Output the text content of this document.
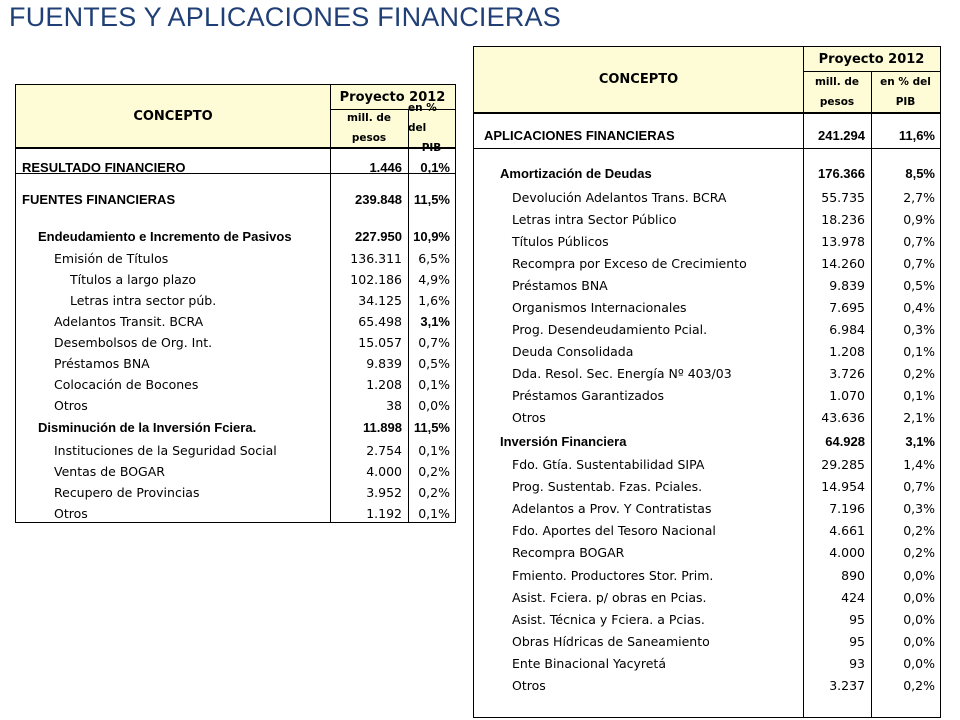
FUENTES Y APLICACIONES FINANCIERAS
CONCEPTO
Proyecto 2012
mill. de
pesos
en % del
PIB
RESULTADO FINANCIERO	1.446	0,1%
FUENTES FINANCIERAS	239.848 11,5%
Endeudamiento e Incremento de Pasivos	227.950 10,9%
Emisión de Títulos	136.311	6,5%
Títulos a largo plazo	102.186	4,9%
Letras intra sector púb.	34.125	1,6%
Adelantos Transit. BCRA	65.498	3,1%
Desembolsos de Org. Int.	15.057	0,7%
Préstamos BNA	9.839	0,5%
Colocación de Bocones	1.208	0,1%
Otros	38	0,0%
Disminución de la Inversión Fciera.	11.898 11,5%
Instituciones de la Seguridad Social	2.754	0,1%
Ventas de BOGAR	4.000	0,2%
Recupero de Provincias	3.952	0,2%
Otros	1.192	0,1%
CONCEPTO
Proyecto 2012
mill. de
pesos
en % del
PIB
APLICACIONES FINANCIERAS	241.294	11,6%
Amortización de Deudas	176.366	8,5%
Devolución Adelantos Trans. BCRA	55.735	2,7%
Letras intra Sector Público	18.236	0,9%
Títulos Públicos	13.978	0,7%
Recompra por Exceso de Crecimiento	14.260	0,7%
Préstamos BNA	9.839	0,5%
Organismos Internacionales	7.695	0,4%
Prog. Desendeudamiento Pcial.	6.984	0,3%
Deuda Consolidada	1.208	0,1%
Dda. Resol. Sec. Energía Nº 403/03	3.726	0,2%
Préstamos Garantizados	1.070	0,1%
Otros	43.636	2,1%
Inversión Financiera	64.928	3,1%
Fdo. Gtía. Sustentabilidad SIPA	29.285	1,4%
Prog. Sustentab. Fzas. Pciales.	14.954	0,7%
Adelantos a Prov. Y Contratistas	7.196	0,3%
Fdo. Aportes del Tesoro Nacional	4.661	0,2%
Recompra BOGAR	4.000	0,2%
Fmiento. Productores Stor. Prim.	890	0,0%
Asist. Fciera. p/ obras en Pcias.	424	0,0%
Asist. Técnica y Fciera. a Pcias.	95	0,0%
Obras Hídricas de Saneamiento	95	0,0%
Ente Binacional Yacyretá	93	0,0%
Otros	3.237	0,2%
